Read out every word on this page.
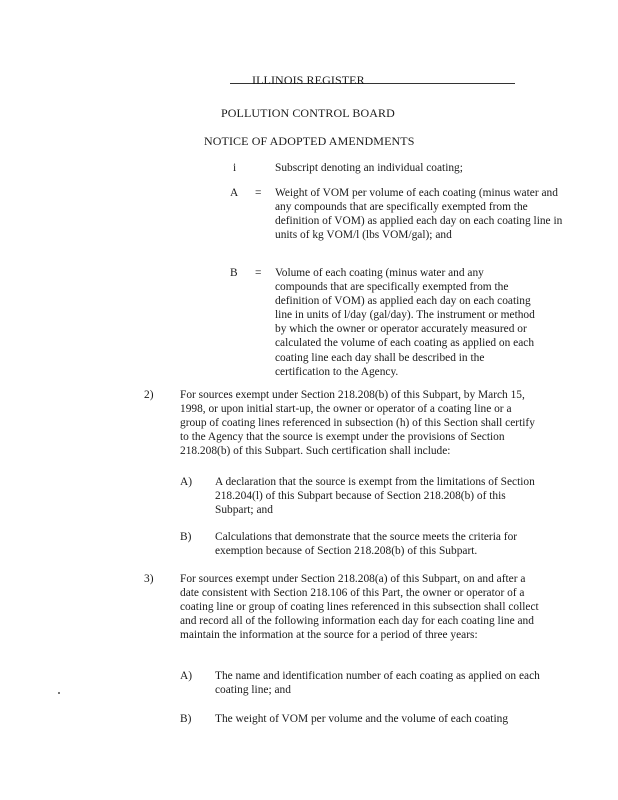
ILLINOIS REGISTER
POLLUTION CONTROL BOARD
NOTICE OF ADOPTED AMENDMENTS
i	Subscript denoting an individual coating;
A = Weight of VOM per volume of each coating (minus water and any compounds that are specifically exempted from the definition of VOM) as applied each day on each coating line in units of kg VOM/l (lbs VOM/gal); and
B = Volume of each coating (minus water and any compounds that are specifically exempted from the definition of VOM) as applied each day on each coating line in units of l/day (gal/day). The instrument or method by which the owner or operator accurately measured or calculated the volume of each coating as applied on each coating line each day shall be described in the certification to the Agency.
2) For sources exempt under Section 218.208(b) of this Subpart, by March 15, 1998, or upon initial start-up, the owner or operator of a coating line or a group of coating lines referenced in subsection (h) of this Section shall certify to the Agency that the source is exempt under the provisions of Section 218.208(b) of this Subpart. Such certification shall include:
A) A declaration that the source is exempt from the limitations of Section 218.204(l) of this Subpart because of Section 218.208(b) of this Subpart; and
B) Calculations that demonstrate that the source meets the criteria for exemption because of Section 218.208(b) of this Subpart.
3) For sources exempt under Section 218.208(a) of this Subpart, on and after a date consistent with Section 218.106 of this Part, the owner or operator of a coating line or group of coating lines referenced in this subsection shall collect and record all of the following information each day for each coating line and maintain the information at the source for a period of three years:
A) The name and identification number of each coating as applied on each coating line; and
B) The weight of VOM per volume and the volume of each coating
